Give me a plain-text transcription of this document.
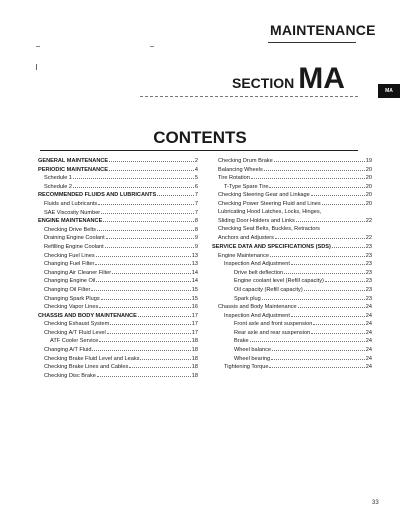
MAINTENANCE
SECTION MA	MA
CONTENTS
GENERAL MAINTENANCE	2
PERIODIC MAINTENANCE	4
Schedule 1	5
Schedule 2	6
RECOMMENDED FLUIDS AND LUBRICANTS	7
Fluids and Lubricants	7
SAE Viscosity Number	7
ENGINE MAINTENANCE	8
Checking Drive Belts	8
Draining Engine Coolant	9
Refilling Engine Coolant	9
Checking Fuel Lines	13
Changing Fuel Filter	13
Changing Air Cleaner Filter	14
Changing Engine Oil	14
Changing Oil Filter	15
Changing Spark Plugs	15
Checking Vapor Lines	16
CHASSIS AND BODY MAINTENANCE	17
Checking Exhaust System	17
Checking A/T Fluid Level	17
ATF Cooler Service	18
Changing A/T Fluid	18
Checking Brake Fluid Level and Leaks	18
Checking Brake Lines and Cables	18
Checking Disc Brake	18
Checking Drum Brake	19
Balancing Wheels	20
Tire Rotation	20
T-Type Spare Tire	20
Checking Steering Gear and Linkage	20
Checking Power Steering Fluid and Lines	20
Lubricating Hood Latches, Locks, Hinges,
Sliding Door Holders and Links	22
Checking Seat Belts, Buckles, Retractors
Anchors and Adjusters	22
SERVICE DATA AND SPECIFICATIONS (SDS)	23
Engine Maintenance	23
Inspection And Adjustment	23
Drive belt deflection	23
Engine coolant level (Refill capacity)	23
Oil capacity (Refill capacity)	23
Spark plug	23
Chassis and Body Maintenance	24
Inspection And Adjustment	24
Front axle and front suspension	24
Rear axle and rear suspension	24
Brake	24
Wheel balance	24
Wheel bearing	24
Tightening Torque	24
33
